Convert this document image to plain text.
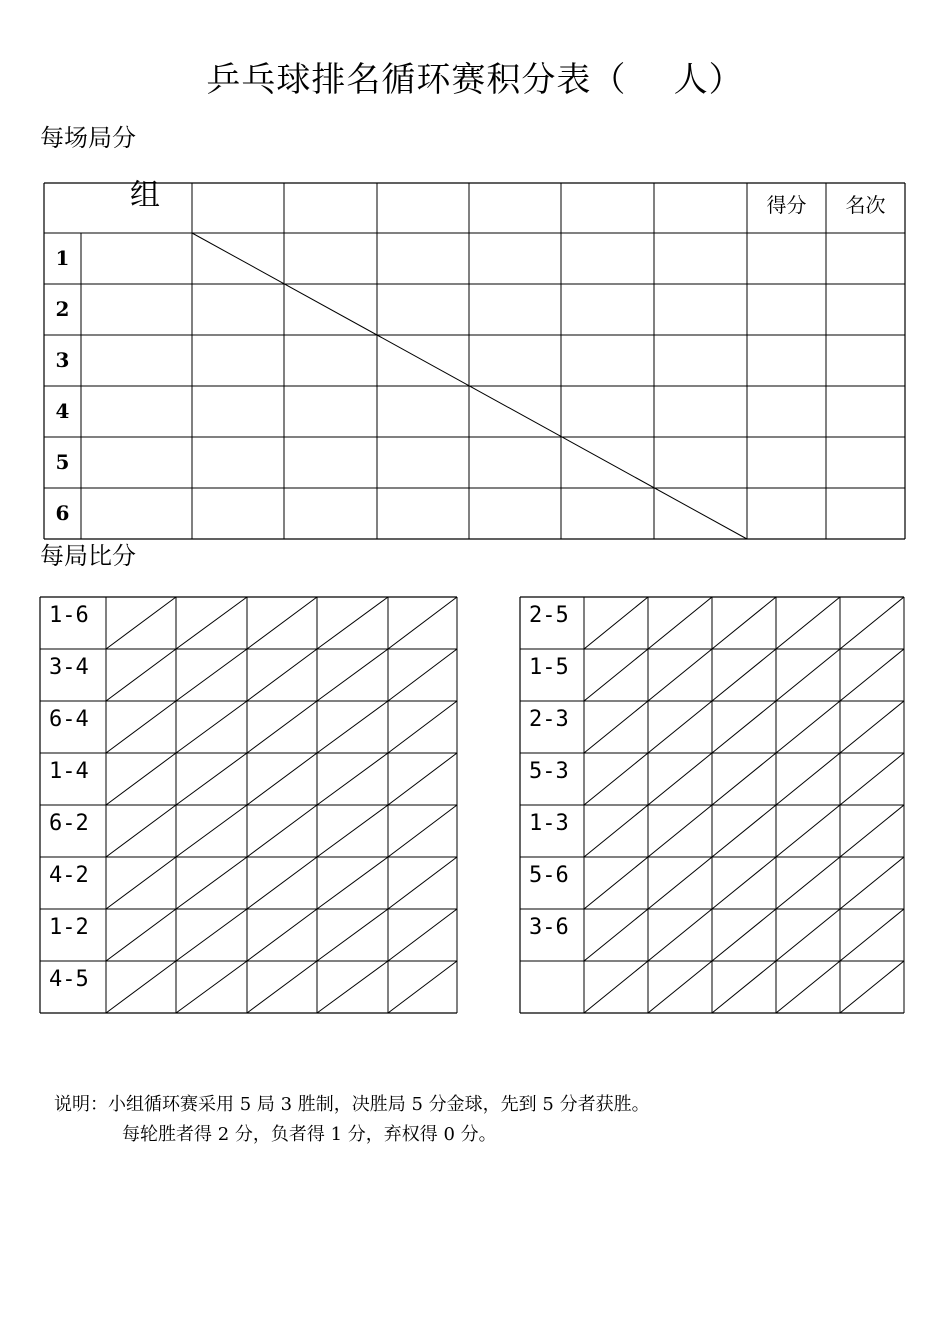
乒乓球排名循环赛积分表（    人）
每场局分
每局比分
组	得分 名次
1
2
3
4
5
6
1-6
3-4
6-4
1-4
6-2
4-2
1-2
4-5
2-5
1-5
2-3
5-3
1-3
5-6
3-6
说明：小组循环赛采用 5 局 3 胜制，决胜局 5 分金球，先到 5 分者获胜。
每轮胜者得 2 分，负者得 1 分，弃权得 0 分。
